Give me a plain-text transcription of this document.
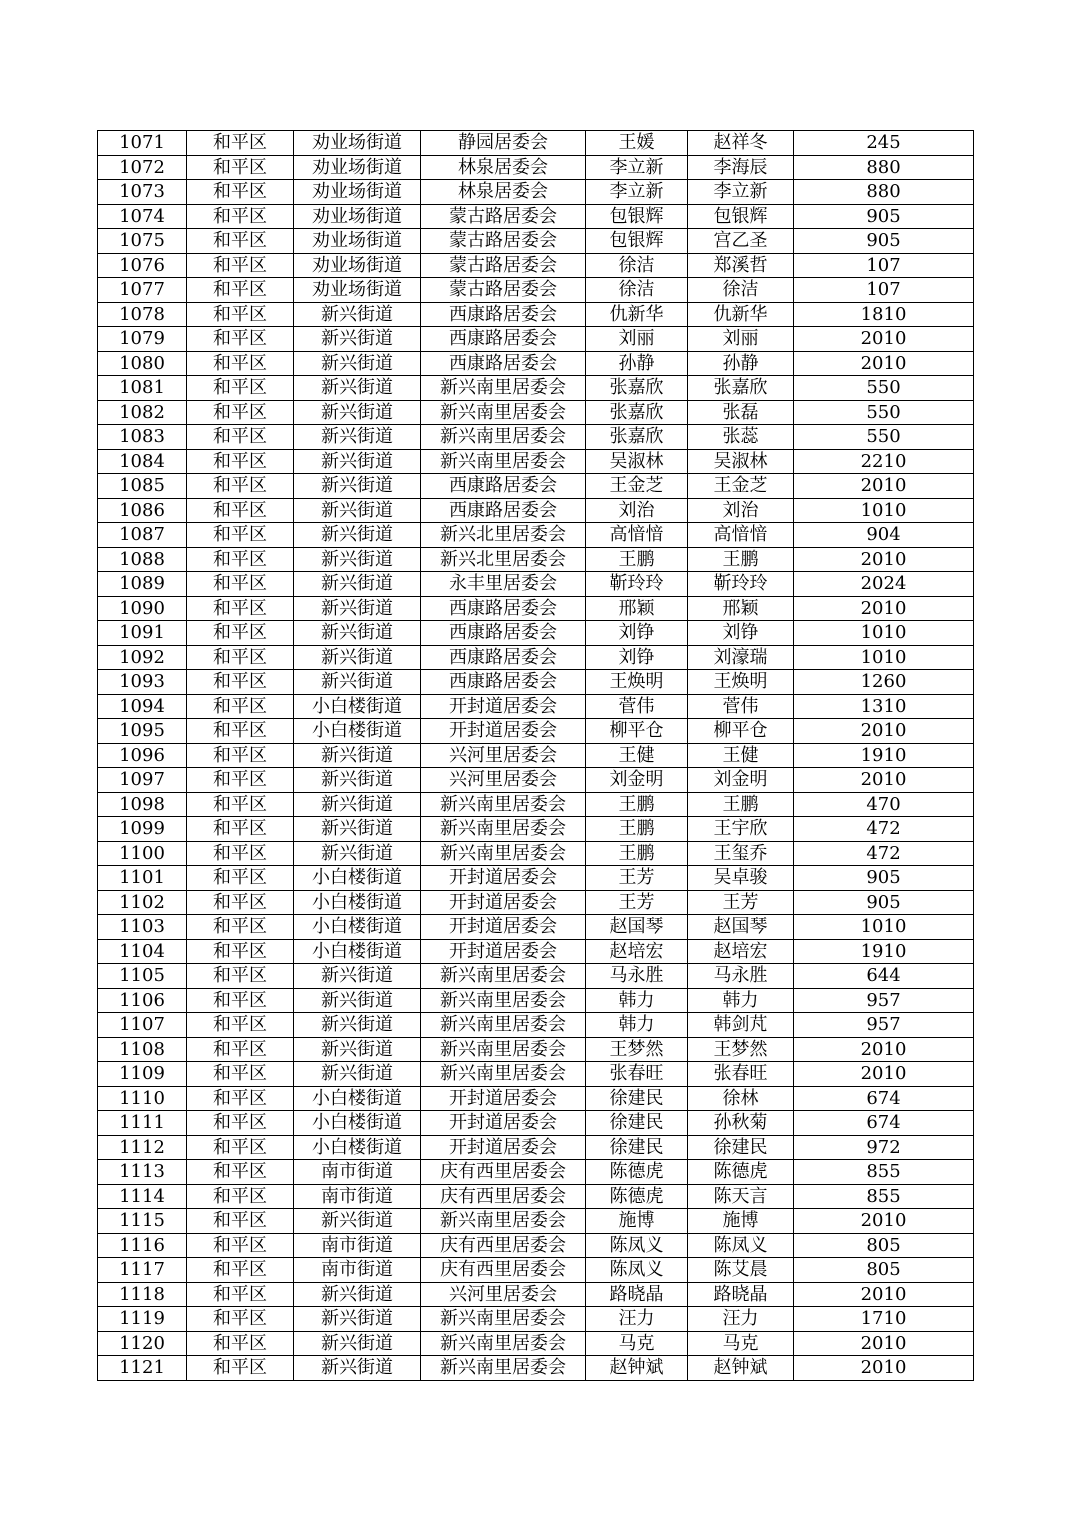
1071	和平区	劝业场街道	静园居委会	王媛	赵祥冬	245
1072	和平区	劝业场街道	林泉居委会	李立新	李海辰	880
1073	和平区	劝业场街道	林泉居委会	李立新	李立新	880
1074	和平区	劝业场街道	蒙古路居委会	包银辉	包银辉	905
1075	和平区	劝业场街道	蒙古路居委会	包银辉	宫乙圣	905
1076	和平区	劝业场街道	蒙古路居委会	徐洁	郑溪哲	107
1077	和平区	劝业场街道	蒙古路居委会	徐洁	徐洁	107
1078	和平区	新兴街道	西康路居委会	仇新华	仇新华	1810
1079	和平区	新兴街道	西康路居委会	刘丽	刘丽	2010
1080	和平区	新兴街道	西康路居委会	孙静	孙静	2010
1081	和平区	新兴街道	新兴南里居委会	张嘉欣	张嘉欣	550
1082	和平区	新兴街道	新兴南里居委会	张嘉欣	张磊	550
1083	和平区	新兴街道	新兴南里居委会	张嘉欣	张蕊	550
1084	和平区	新兴街道	新兴南里居委会	吴淑林	吴淑林	2210
1085	和平区	新兴街道	西康路居委会	王金芝	王金芝	2010
1086	和平区	新兴街道	西康路居委会	刘治	刘治	1010
1087	和平区	新兴街道	新兴北里居委会	高愔愔	高愔愔	904
1088	和平区	新兴街道	新兴北里居委会	王鹏	王鹏	2010
1089	和平区	新兴街道	永丰里居委会	靳玲玲	靳玲玲	2024
1090	和平区	新兴街道	西康路居委会	邢颖	邢颖	2010
1091	和平区	新兴街道	西康路居委会	刘铮	刘铮	1010
1092	和平区	新兴街道	西康路居委会	刘铮	刘濠瑞	1010
1093	和平区	新兴街道	西康路居委会	王焕明	王焕明	1260
1094	和平区	小白楼街道	开封道居委会	菅伟	菅伟	1310
1095	和平区	小白楼街道	开封道居委会	柳平仓	柳平仓	2010
1096	和平区	新兴街道	兴河里居委会	王健	王健	1910
1097	和平区	新兴街道	兴河里居委会	刘金明	刘金明	2010
1098	和平区	新兴街道	新兴南里居委会	王鹏	王鹏	470
1099	和平区	新兴街道	新兴南里居委会	王鹏	王宇欣	472
1100	和平区	新兴街道	新兴南里居委会	王鹏	王玺乔	472
1101	和平区	小白楼街道	开封道居委会	王芳	吴卓骏	905
1102	和平区	小白楼街道	开封道居委会	王芳	王芳	905
1103	和平区	小白楼街道	开封道居委会	赵国琴	赵国琴	1010
1104	和平区	小白楼街道	开封道居委会	赵培宏	赵培宏	1910
1105	和平区	新兴街道	新兴南里居委会	马永胜	马永胜	644
1106	和平区	新兴街道	新兴南里居委会	韩力	韩力	957
1107	和平区	新兴街道	新兴南里居委会	韩力	韩剑芃	957
1108	和平区	新兴街道	新兴南里居委会	王梦然	王梦然	2010
1109	和平区	新兴街道	新兴南里居委会	张春旺	张春旺	2010
1110	和平区	小白楼街道	开封道居委会	徐建民	徐林	674
1111	和平区	小白楼街道	开封道居委会	徐建民	孙秋菊	674
1112	和平区	小白楼街道	开封道居委会	徐建民	徐建民	972
1113	和平区	南市街道	庆有西里居委会	陈德虎	陈德虎	855
1114	和平区	南市街道	庆有西里居委会	陈德虎	陈天言	855
1115	和平区	新兴街道	新兴南里居委会	施博	施博	2010
1116	和平区	南市街道	庆有西里居委会	陈凤义	陈凤义	805
1117	和平区	南市街道	庆有西里居委会	陈凤义	陈艾晨	805
1118	和平区	新兴街道	兴河里居委会	路晓晶	路晓晶	2010
1119	和平区	新兴街道	新兴南里居委会	汪力	汪力	1710
1120	和平区	新兴街道	新兴南里居委会	马克	马克	2010
1121	和平区	新兴街道	新兴南里居委会	赵钟斌	赵钟斌	2010
